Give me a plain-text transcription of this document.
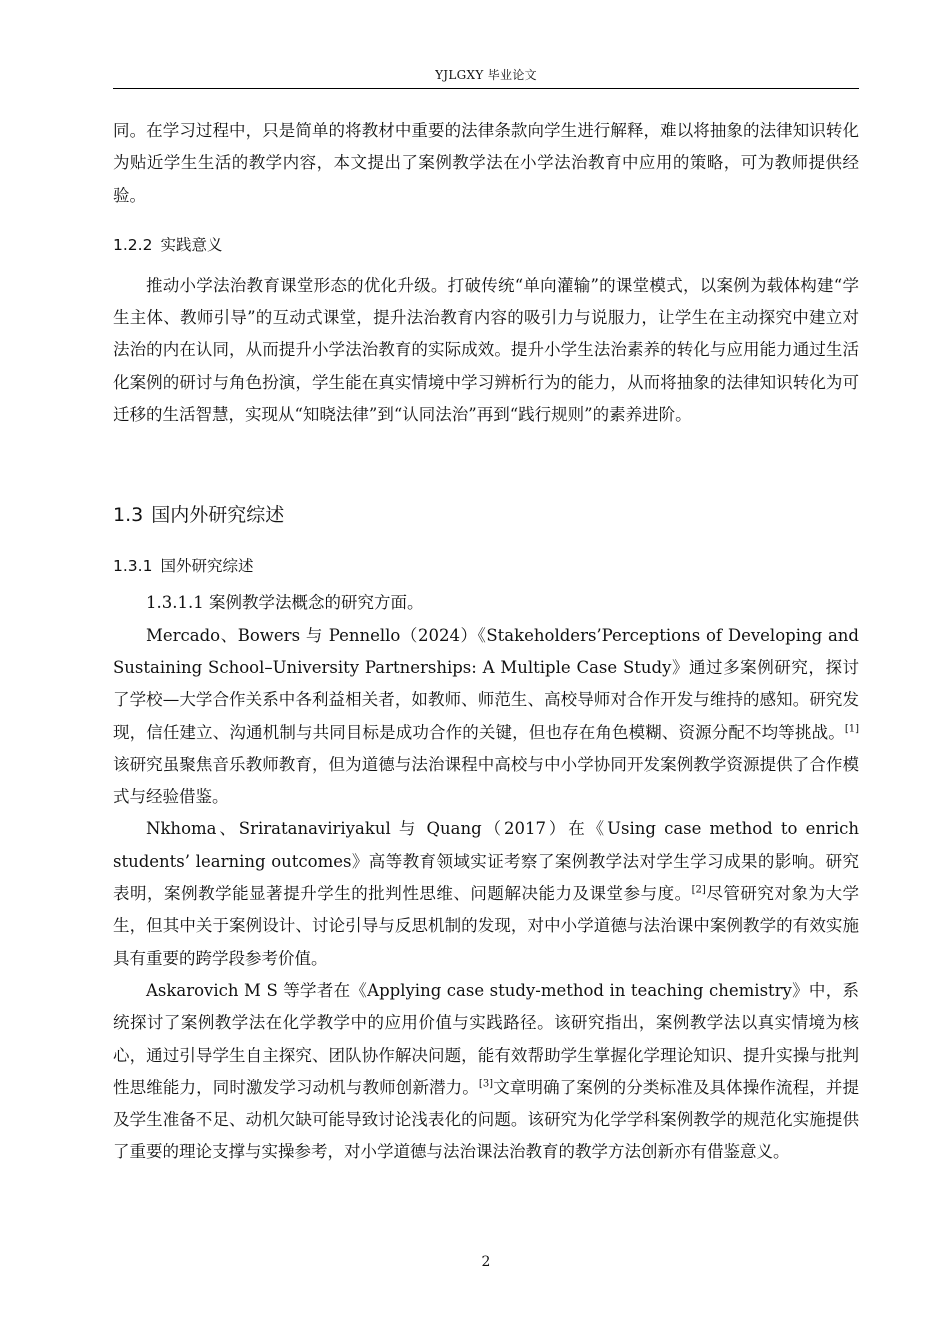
YJLGXY 毕业论文

同。在学习过程中，只是简单的将教材中重要的法律条款向学生进行解释，难以将抽象的法律知识转化为贴近学生生活的教学内容，本文提出了案例教学法在小学法治教育中应用的策略，可为教师提供经验。

1.2.2 实践意义

推动小学法治教育课堂形态的优化升级。打破传统“单向灌输”的课堂模式，以案例为载体构建“学生主体、教师引导”的互动式课堂，提升法治教育内容的吸引力与说服力，让学生在主动探究中建立对法治的内在认同，从而提升小学法治教育的实际成效。提升小学生法治素养的转化与应用能力通过生活化案例的研讨与角色扮演，学生能在真实情境中学习辨析行为的能力，从而将抽象的法律知识转化为可迁移的生活智慧，实现从“知晓法律”到“认同法治”再到“践行规则”的素养进阶。

1.3 国内外研究综述
1.3.1 国外研究综述

1.3.1.1 案例教学法概念的研究方面。

Mercado、Bowers 与 Pennello（2024）《Stakeholders’Perceptions of Developing and Sustaining School–University Partnerships: A Multiple Case Study》通过多案例研究，探讨了学校—大学合作关系中各利益相关者，如教师、师范生、高校导师对合作开发与维持的感知。研究发现，信任建立、沟通机制与共同目标是成功合作的关键，但也存在角色模糊、资源分配不均等挑战。[1]该研究虽聚焦音乐教师教育，但为道德与法治课程中高校与中小学协同开发案例教学资源提供了合作模式与经验借鉴。

Nkhoma、Sriratanaviriyakul 与 Quang（2017）在《Using case method to enrich students’ learning outcomes》高等教育领域实证考察了案例教学法对学生学习成果的影响。研究表明，案例教学能显著提升学生的批判性思维、问题解决能力及课堂参与度。[2]尽管研究对象为大学生，但其中关于案例设计、讨论引导与反思机制的发现，对中小学道德与法治课中案例教学的有效实施具有重要的跨学段参考价值。

Askarovich M S 等学者在《Applying case study-method in teaching chemistry》中，系统探讨了案例教学法在化学教学中的应用价值与实践路径。该研究指出，案例教学法以真实情境为核心，通过引导学生自主探究、团队协作解决问题，能有效帮助学生掌握化学理论知识、提升实操与批判性思维能力，同时激发学习动机与教师创新潜力。[3]文章明确了案例的分类标准及具体操作流程，并提及学生准备不足、动机欠缺可能导致讨论浅表化的问题。该研究为化学学科案例教学的规范化实施提供了重要的理论支撑与实操参考，对小学道德与法治课法治教育的教学方法创新亦有借鉴意义。

2
